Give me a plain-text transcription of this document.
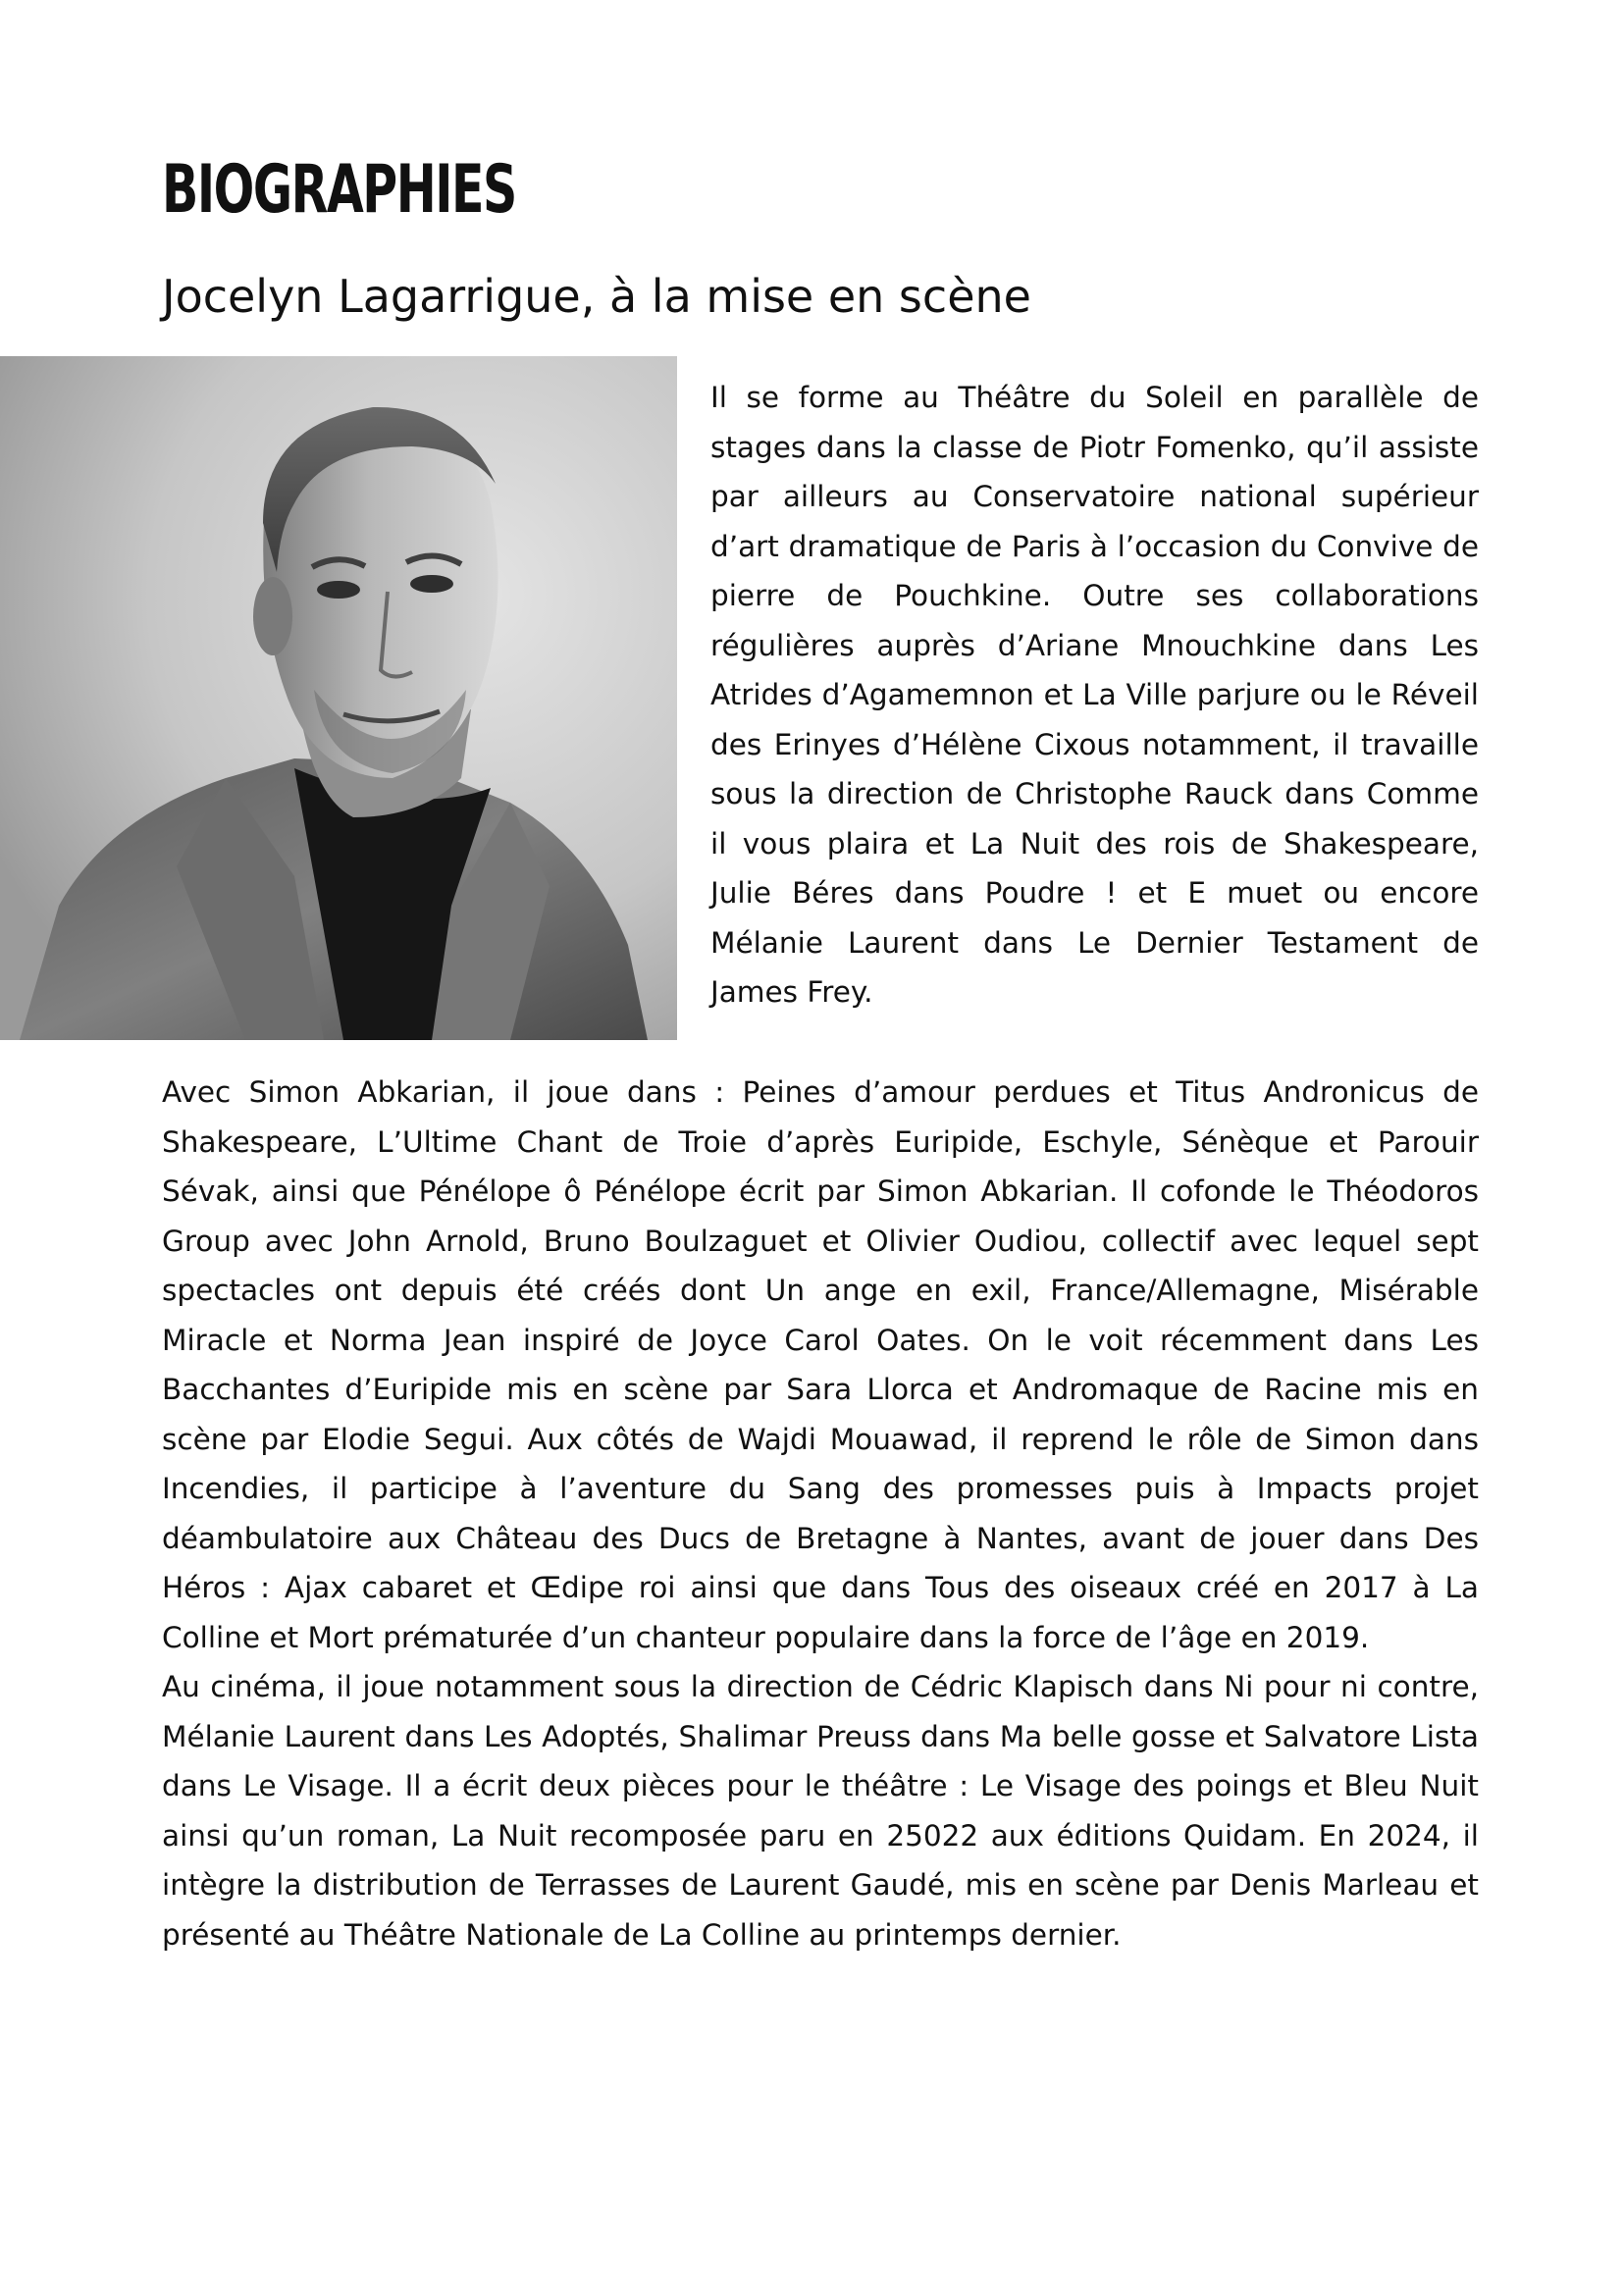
BIOGRAPHIES
Jocelyn Lagarrigue, à la mise en scène

Il se forme au Théâtre du Soleil en parallèle de stages dans la classe de Piotr Fomenko, qu’il assiste par ailleurs au Conservatoire national supérieur d’art dramatique de Paris à l’occasion du Convive de pierre de Pouchkine. Outre ses collaborations régulières auprès d’Ariane Mnouchkine dans Les Atrides d’Agamemnon et La Ville parjure ou le Réveil des Erinyes d’Hélène Cixous notamment, il travaille sous la direction de Christophe Rauck dans Comme il vous plaira et La Nuit des rois de Shakespeare, Julie Béres dans Poudre ! et E muet ou encore Mélanie Laurent dans Le Dernier Testament de James Frey.

Avec Simon Abkarian, il joue dans : Peines d’amour perdues et Titus Andronicus de Shakespeare, L’Ultime Chant de Troie d’après Euripide, Eschyle, Sénèque et Parouir Sévak, ainsi que Pénélope ô Pénélope écrit par Simon Abkarian. Il cofonde le Théodoros Group avec John Arnold, Bruno Boulzaguet et Olivier Oudiou, collectif avec lequel sept spectacles ont depuis été créés dont Un ange en exil, France/Allemagne, Misérable Miracle et Norma Jean inspiré de Joyce Carol Oates. On le voit récemment dans Les Bacchantes d’Euripide mis en scène par Sara Llorca et Andromaque de Racine mis en scène par Elodie Segui. Aux côtés de Wajdi Mouawad, il reprend le rôle de Simon dans Incendies, il participe à l’aventure du Sang des promesses puis à Impacts projet déambulatoire aux Château des Ducs de Bretagne à Nantes, avant de jouer dans Des Héros : Ajax cabaret et Œdipe roi ainsi que dans Tous des oiseaux créé en 2017 à La Colline et Mort prématurée d’un chanteur populaire dans la force de l’âge en 2019.

Au cinéma, il joue notamment sous la direction de Cédric Klapisch dans Ni pour ni contre, Mélanie Laurent dans Les Adoptés, Shalimar Preuss dans Ma belle gosse et Salvatore Lista dans Le Visage. Il a écrit deux pièces pour le théâtre : Le Visage des poings et Bleu Nuit ainsi qu’un roman, La Nuit recomposée paru en 25022 aux éditions Quidam. En 2024, il intègre la distribution de Terrasses de Laurent Gaudé, mis en scène par Denis Marleau et présenté au Théâtre Nationale de La Colline au printemps dernier.
